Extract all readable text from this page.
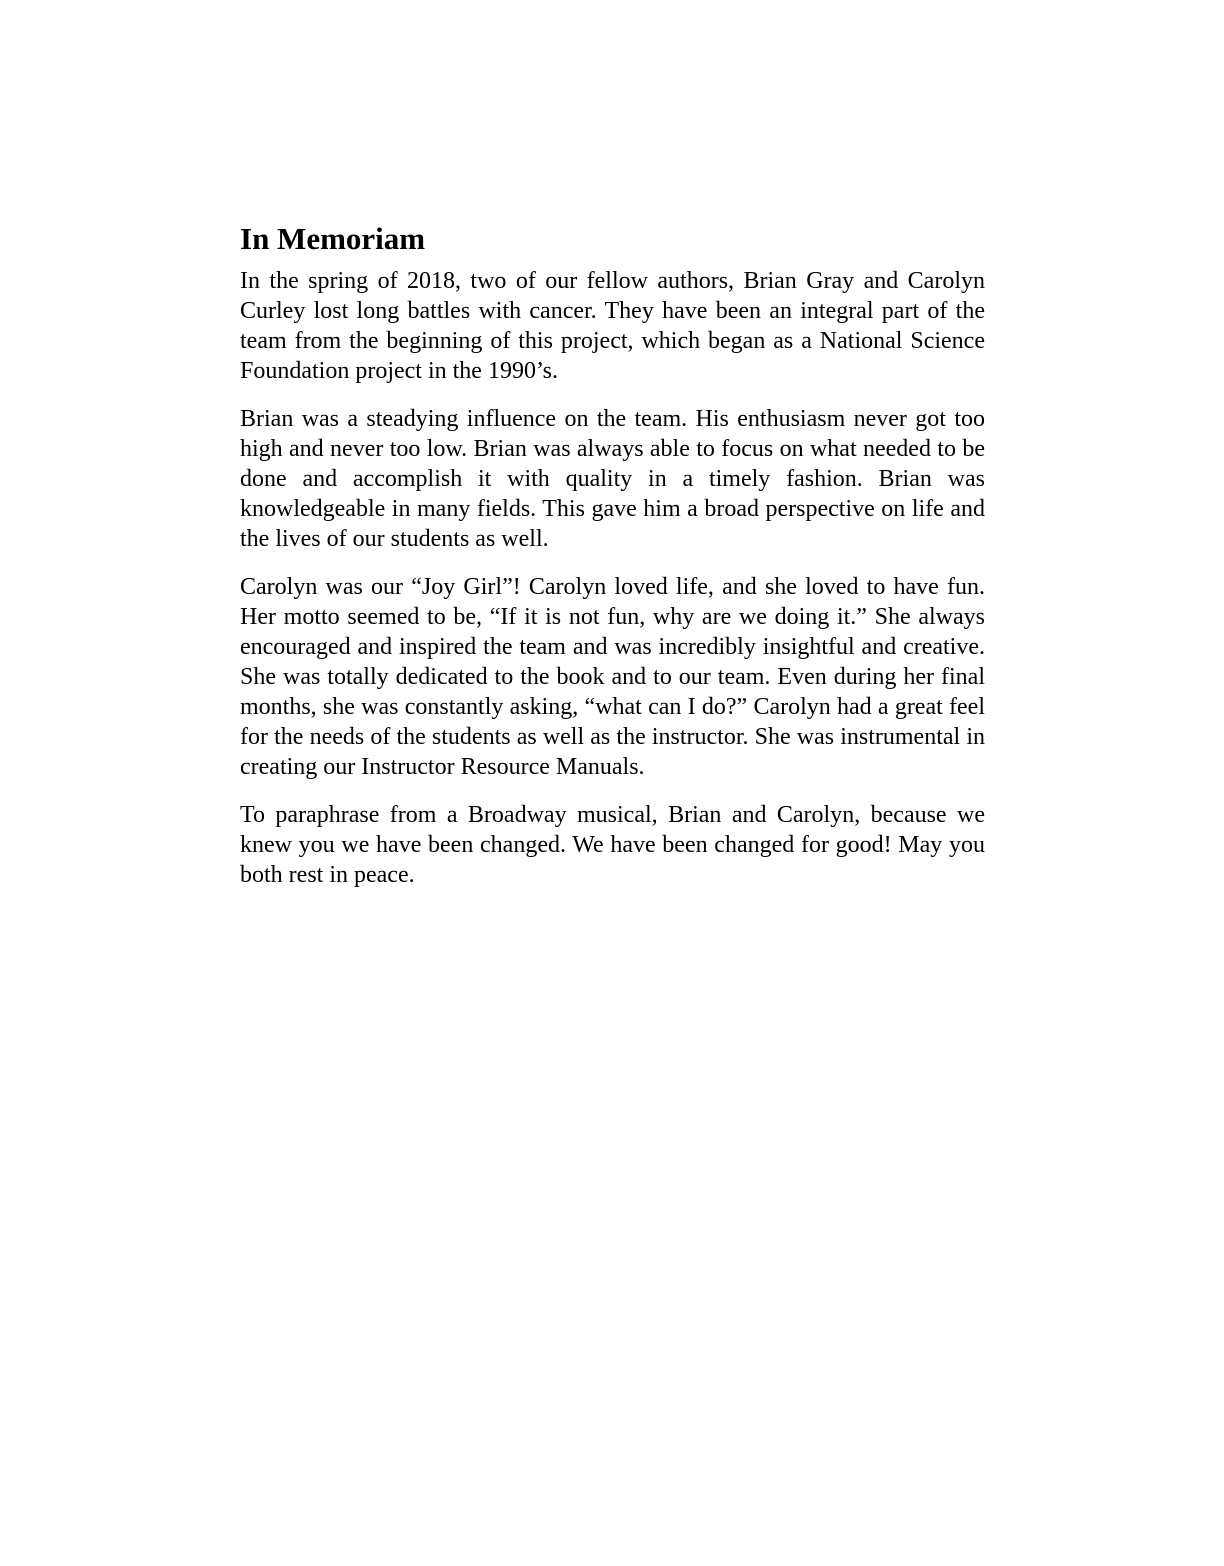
In Memoriam

In the spring of 2018, two of our fellow authors, Brian Gray and Carolyn Curley lost long battles with cancer. They have been an integral part of the team from the beginning of this project, which began as a National Science Foundation project in the 1990’s.

Brian was a steadying influence on the team. His enthusiasm never got too high and never too low. Brian was always able to focus on what needed to be done and accomplish it with quality in a timely fashion. Brian was knowledgeable in many fields. This gave him a broad perspective on life and the lives of our students as well.

Carolyn was our “Joy Girl”! Carolyn loved life, and she loved to have fun. Her motto seemed to be, “If it is not fun, why are we doing it.” She always encouraged and inspired the team and was incredibly insightful and creative. She was totally dedicated to the book and to our team. Even during her final months, she was constantly asking, “what can I do?” Carolyn had a great feel for the needs of the students as well as the instructor. She was instrumental in creating our Instructor Resource Manuals.

To paraphrase from a Broadway musical, Brian and Carolyn, because we knew you we have been changed. We have been changed for good! May you both rest in peace.
